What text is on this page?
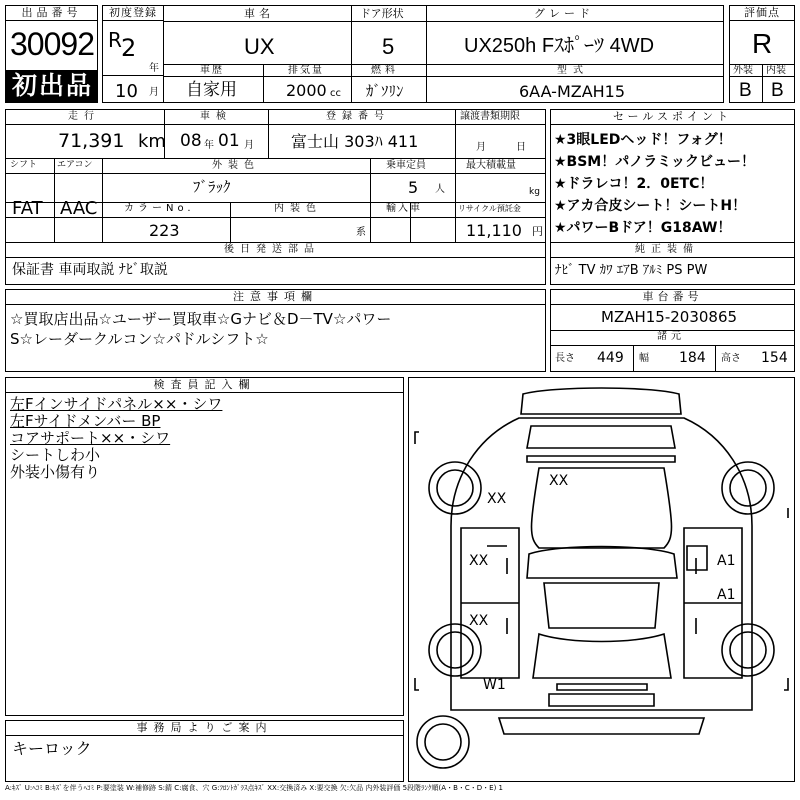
出品番号
30092
初出品
初度登録
R 2
年
10 月
車名
UX
ドア形状
5
グレード
UX250h Fｽﾎﾟｰﾂ 4WD
車歴
自家用
排気量
2000 cc
燃料
ｶﾞｿﾘﾝ
型式
6AA-MZAH15
評価点
R
外装 内装
B B
走行
71,391 km
車検
08 年 01 月
登録番号
富士山 303ﾊ 411
譲渡書類期限
月	日
シフト エアコン
FAT AAC
外装色
ﾌﾞﾗｯｸ
乗車定員
5 人
最大積載量
kg
カラーNo.
223
内装色
系
輸入車	リサイクル預託金
11,110 円
後日発送部品
保証書 車両取説 ﾅﾋﾞ取説
セールスポイント
★3眼LEDヘッド！フォグ！
★BSM！パノラミックビュー！
★ドラレコ！2．0ETC！
★アカ合皮シート！シートH！
★パワーBドア！G18AW！
純正装備
ﾅﾋﾞ TV ｶﾜ ｴｱB ｱﾙﾐ PS PW
注意事項欄
☆買取店出品☆ユーザー買取車☆Gナビ＆D－TV☆パワー
S☆レーダークルコン☆パドルシフト☆
車台番号
MZAH15-2030865
諸元
長さ 449 幅 184 高さ 154
検査員記入欄
左Fインサイドパネル××・シワ
左Fサイドメンバー BP
コアサポート××・シワ
シートしわ小
外装小傷有り
事務局よりご案内
キーロック
XX
XX
XX
XX
A1
A1
W1
A:ｷｽﾞ U:ﾍｺﾐ B:ｷｽﾞを伴うﾍｺﾐ P:要塗装 W:補修跡 S:錆 C:腐食、穴 G:ﾌﾛﾝﾄｶﾞﾗｽ点ｷｽﾞ XX:交換済み X:要交換 欠:欠品 内外装評価 5段階ﾗﾝｸ順(A・B・C・D・E) 1
